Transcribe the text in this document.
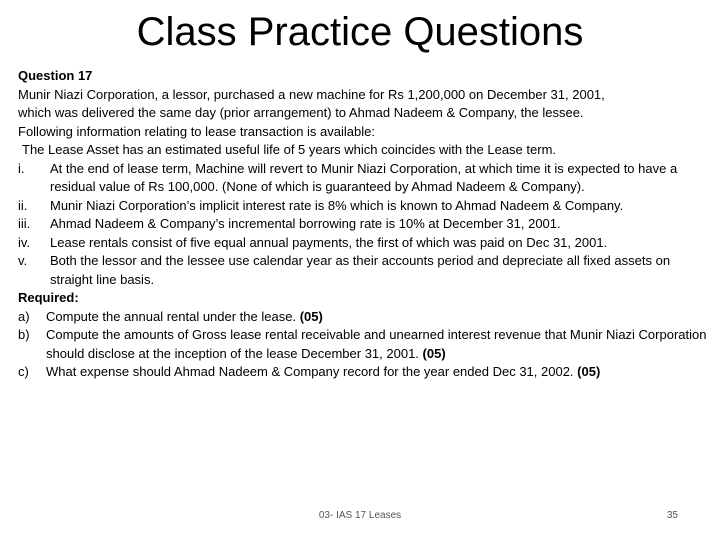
Class Practice Questions
Question 17
Munir Niazi Corporation, a lessor, purchased a new machine for Rs 1,200,000 on December 31, 2001,
which was delivered the same day (prior arrangement) to Ahmad Nadeem & Company, the lessee.
Following information relating to lease transaction is available:
The Lease Asset has an estimated useful life of 5 years which coincides with the Lease term.
i.	At the end of lease term, Machine will revert to Munir Niazi Corporation, at which time it is expected to have a residual value of Rs 100,000. (None of which is guaranteed by Ahmad Nadeem & Company).
ii.	Munir Niazi Corporation’s implicit interest rate is 8% which is known to Ahmad Nadeem & Company.
iii.	Ahmad Nadeem & Company’s incremental borrowing rate is 10% at December 31, 2001.
iv.	Lease rentals consist of five equal annual payments, the first of which was paid on Dec 31, 2001.
v.	Both the lessor and the lessee use calendar year as their accounts period and depreciate all fixed assets on straight line basis.
Required:
a)	Compute the annual rental under the lease. (05)
b)	Compute the amounts of Gross lease rental receivable and unearned interest revenue that Munir Niazi Corporation should disclose at the inception of the lease December 31, 2001. (05)
c)	What expense should Ahmad Nadeem & Company record for the year ended Dec 31, 2002. (05)
03- IAS 17 Leases	35
